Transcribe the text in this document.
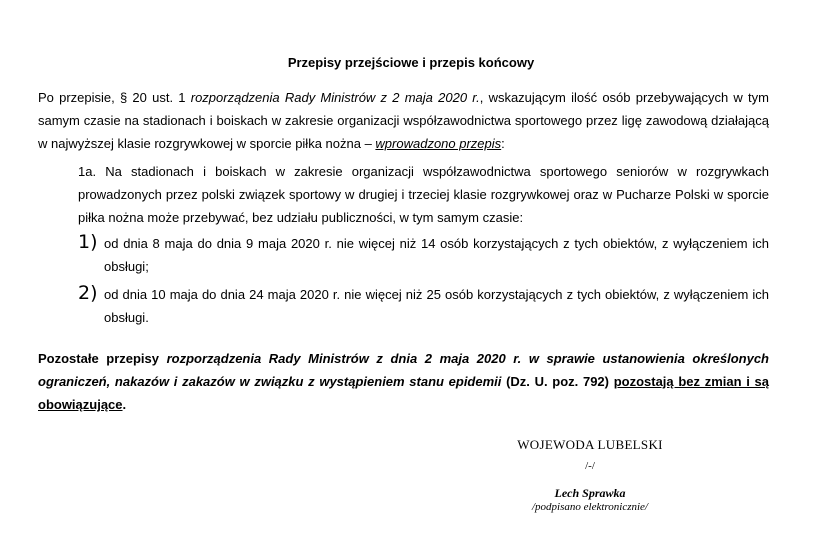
Przepisy przejściowe i przepis końcowy

Po przepisie, § 20 ust. 1 rozporządzenia Rady Ministrów z 2 maja 2020 r., wskazującym ilość osób przebywających w tym samym czasie na stadionach i boiskach w zakresie organizacji współzawodnictwa sportowego przez ligę zawodową działającą w najwyższej klasie rozgrywkowej w sporcie piłka nożna – wprowadzono przepis:

1a. Na stadionach i boiskach w zakresie organizacji współzawodnictwa sportowego seniorów w rozgrywkach prowadzonych przez polski związek sportowy w drugiej i trzeciej klasie rozgrywkowej oraz w Pucharze Polski w sporcie piłka nożna może przebywać, bez udziału publiczności, w tym samym czasie:

1) od dnia 8 maja do dnia 9 maja 2020 r. nie więcej niż 14 osób korzystających z tych obiektów, z wyłączeniem ich obsługi;
2) od dnia 10 maja do dnia 24 maja 2020 r. nie więcej niż 25 osób korzystających z tych obiektów, z wyłączeniem ich obsługi.

Pozostałe przepisy rozporządzenia Rady Ministrów z dnia 2 maja 2020 r. w sprawie ustanowienia określonych ograniczeń, nakazów i zakazów w związku z wystąpieniem stanu epidemii (Dz. U. poz. 792) pozostają bez zmian i są obowiązujące.

WOJEWODA LUBELSKI
/-/
Lech Sprawka
/podpisano elektronicznie/
